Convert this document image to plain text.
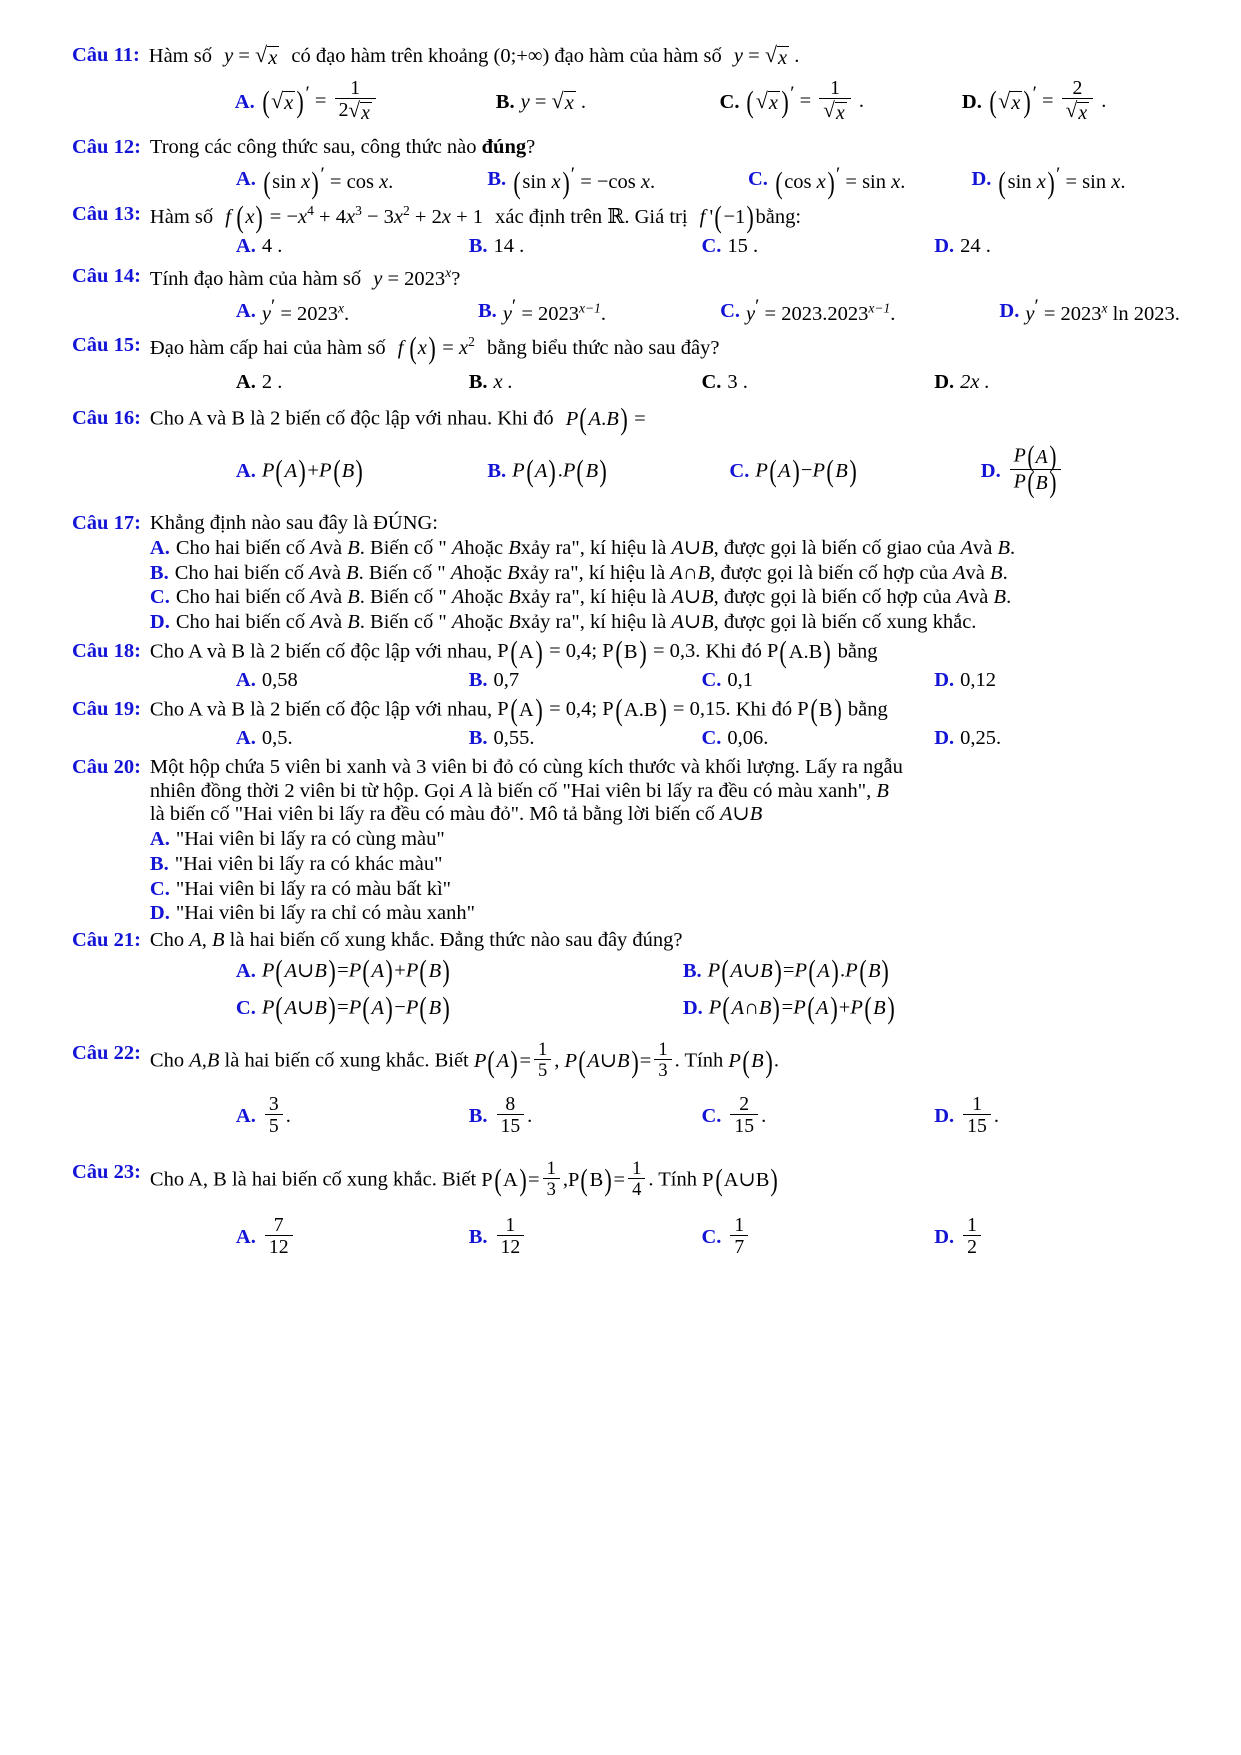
Câu 11: Hàm số y = √ x có đạo hàm trên khoảng (0;+∞) đạo hàm của hàm số y = √ x .
A. ( √ x ) ′ = $\frac{1}{2 √ x}$	B. y = √ x .	C. ( √ x ) ′ = $\frac{1}{√ x}$ .	D. ( √ x ) ′ = $\frac{2}{√ x}$ .
Câu 12: Trong các công thức sau, công thức nào đúng?
A. ( sin x ) ′ = cos x.	B. ( sin x ) ′ = −cos x.	C. ( cos x ) ′ = sin x.	D. ( sin x ) ′ = sin x.
Câu 13: Hàm số f  ( x ) = $-x^4 + 4x^3 - 3x^2 + 2x + 1$ xác định trên ℝ. Giá trị f ' ( −1 ) bằng:
A. 4 .	B. 14 .	C. 15 .	D. 24 .
Câu 14: Tính đạo hàm của hàm số $y = 2023^x$?
A. $y' = 2023^x$.	B. $y' = 2023^{x-1}$.	C. $y' = 2023.2023^{x-1}$.	D. $y' = 2023^x$ ln 2023.
Câu 15: Đạo hàm cấp hai của hàm số f  ( x ) = $x^2$ bằng biểu thức nào sau đây?
A. 2 .	B. x .	C. 3 .	D. 2x .
Câu 16: Cho A và B là 2 biến cố độc lập với nhau. Khi đó P ( A . B ) =
A. P ( A ) +P ( B )	B. P ( A ) .P ( B )	C. P ( A ) −P ( B )	D. $\frac{P ( A )}{P ( B )}$
Câu 17: Khẳng định nào sau đây là ĐÚNG:
A. Cho hai biến cố Avà B. Biến cố " Ahoặc Bxảy ra", kí hiệu là A∪B, được gọi là biến cố giao của Avà B.
B. Cho hai biến cố Avà B. Biến cố " Ahoặc Bxảy ra", kí hiệu là A∩B, được gọi là biến cố hợp của Avà B.
C. Cho hai biến cố Avà B. Biến cố " Ahoặc Bxảy ra", kí hiệu là A∪B, được gọi là biến cố hợp của Avà B.
D. Cho hai biến cố Avà B. Biến cố " Ahoặc Bxảy ra", kí hiệu là A∪B, được gọi là biến cố xung khắc.
Câu 18: Cho A và B là 2 biến cố độc lập với nhau, P ( A ) = 0,4; P ( B ) = 0,3. Khi đó P ( A.B ) bằng
A. 0,58	B. 0,7	C. 0,1	D. 0,12
Câu 19: Cho A và B là 2 biến cố độc lập với nhau, P ( A ) = 0,4; P ( A.B ) = 0,15. Khi đó P ( B ) bằng
A. 0,5.	B. 0,55.	C. 0,06.	D. 0,25.
Câu 20: Một hộp chứa 5 viên bi xanh và 3 viên bi đỏ có cùng kích thước và khối lượng. Lấy ra ngẫu
nhiên đồng thời 2 viên bi từ hộp. Gọi A là biến cố "Hai viên bi lấy ra đều có màu xanh", B
là biến cố "Hai viên bi lấy ra đều có màu đỏ". Mô tả bằng lời biến cố A∪B
A. "Hai viên bi lấy ra có cùng màu"
B. "Hai viên bi lấy ra có khác màu"
C. "Hai viên bi lấy ra có màu bất kì"
D. "Hai viên bi lấy ra chỉ có màu xanh"
Câu 21: Cho A, B là hai biến cố xung khắc. Đẳng thức nào sau đây đúng?
A. P ( A ∪ B ) =P ( A ) +P ( B )	B. P ( A ∪ B ) =P ( A ) .P ( B )
C. P ( A ∪ B ) =P ( A ) −P ( B )	D. P ( A ∩ B ) =P ( A ) +P ( B )
Câu 22: Cho A,B là hai biến cố xung khắc. Biết P ( A ) = $\frac{1}{5}$ , P ( A ∪ B ) = $\frac{1}{3}$ . Tính P ( B ) .
A. $\frac{3}{5}$ .	B. $\frac{8}{15}$ .	C. $\frac{2}{15}$ .	D. $\frac{1}{15}$ .
Câu 23: Cho A, B là hai biến cố xung khắc. Biết P ( A ) = $\frac{1}{3} ,P$ ( B ) = $\frac{1}{4}$ . Tính P ( A∪B )
A. $\frac{7}{12}$	B. $\frac{1}{12}$	C. $\frac{1}{7}$	D. $\frac{1}{2}$
